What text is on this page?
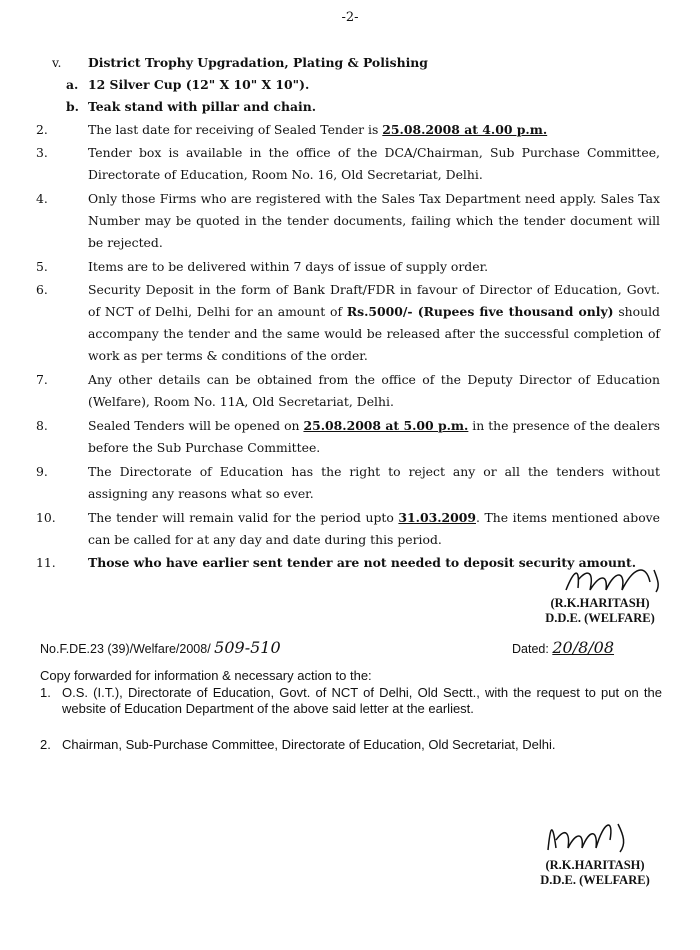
-2-
v.	District Trophy Upgradation, Plating & Polishing
a. 12 Silver Cup (12" X 10" X 10").
b. Teak stand with pillar and chain.
2.	The last date for receiving of Sealed Tender is 25.08.2008 at 4.00 p.m.
3.	Tender box is available in the office of the DCA/Chairman, Sub Purchase Committee, Directorate of Education, Room No. 16, Old Secretariat, Delhi.
4.	Only those Firms who are registered with the Sales Tax Department need apply. Sales Tax Number may be quoted in the tender documents, failing which the tender document will be rejected.
5.	Items are to be delivered within 7 days of issue of supply order.
6.	Security Deposit in the form of Bank Draft/FDR in favour of Director of Education, Govt. of NCT of Delhi, Delhi for an amount of Rs.5000/- (Rupees five thousand only) should accompany the tender and the same would be released after the successful completion of work as per terms & conditions of the order.
7.	Any other details can be obtained from the office of the Deputy Director of Education (Welfare), Room No. 11A, Old Secretariat, Delhi.
8.	Sealed Tenders will be opened on 25.08.2008 at 5.00 p.m. in the presence of the dealers before the Sub Purchase Committee.
9.	The Directorate of Education has the right to reject any or all the tenders without assigning any reasons what so ever.
10.	The tender will remain valid for the period upto 31.03.2009. The items mentioned above can be called for at any day and date during this period.
11.	Those who have earlier sent tender are not needed to deposit security amount.
(R.K.HARITASH)
D.D.E. (WELFARE)
No.F.DE.23 (39)/Welfare/2008/ 509-510	Dated: 20/8/08
Copy forwarded for information & necessary action to the:
1. O.S. (I.T.), Directorate of Education, Govt. of NCT of Delhi, Old Sectt., with the request to put on the website of Education Department of the above said letter at the earliest.
2. Chairman, Sub-Purchase Committee, Directorate of Education, Old Secretariat, Delhi.
(R.K.HARITASH)
D.D.E. (WELFARE)
